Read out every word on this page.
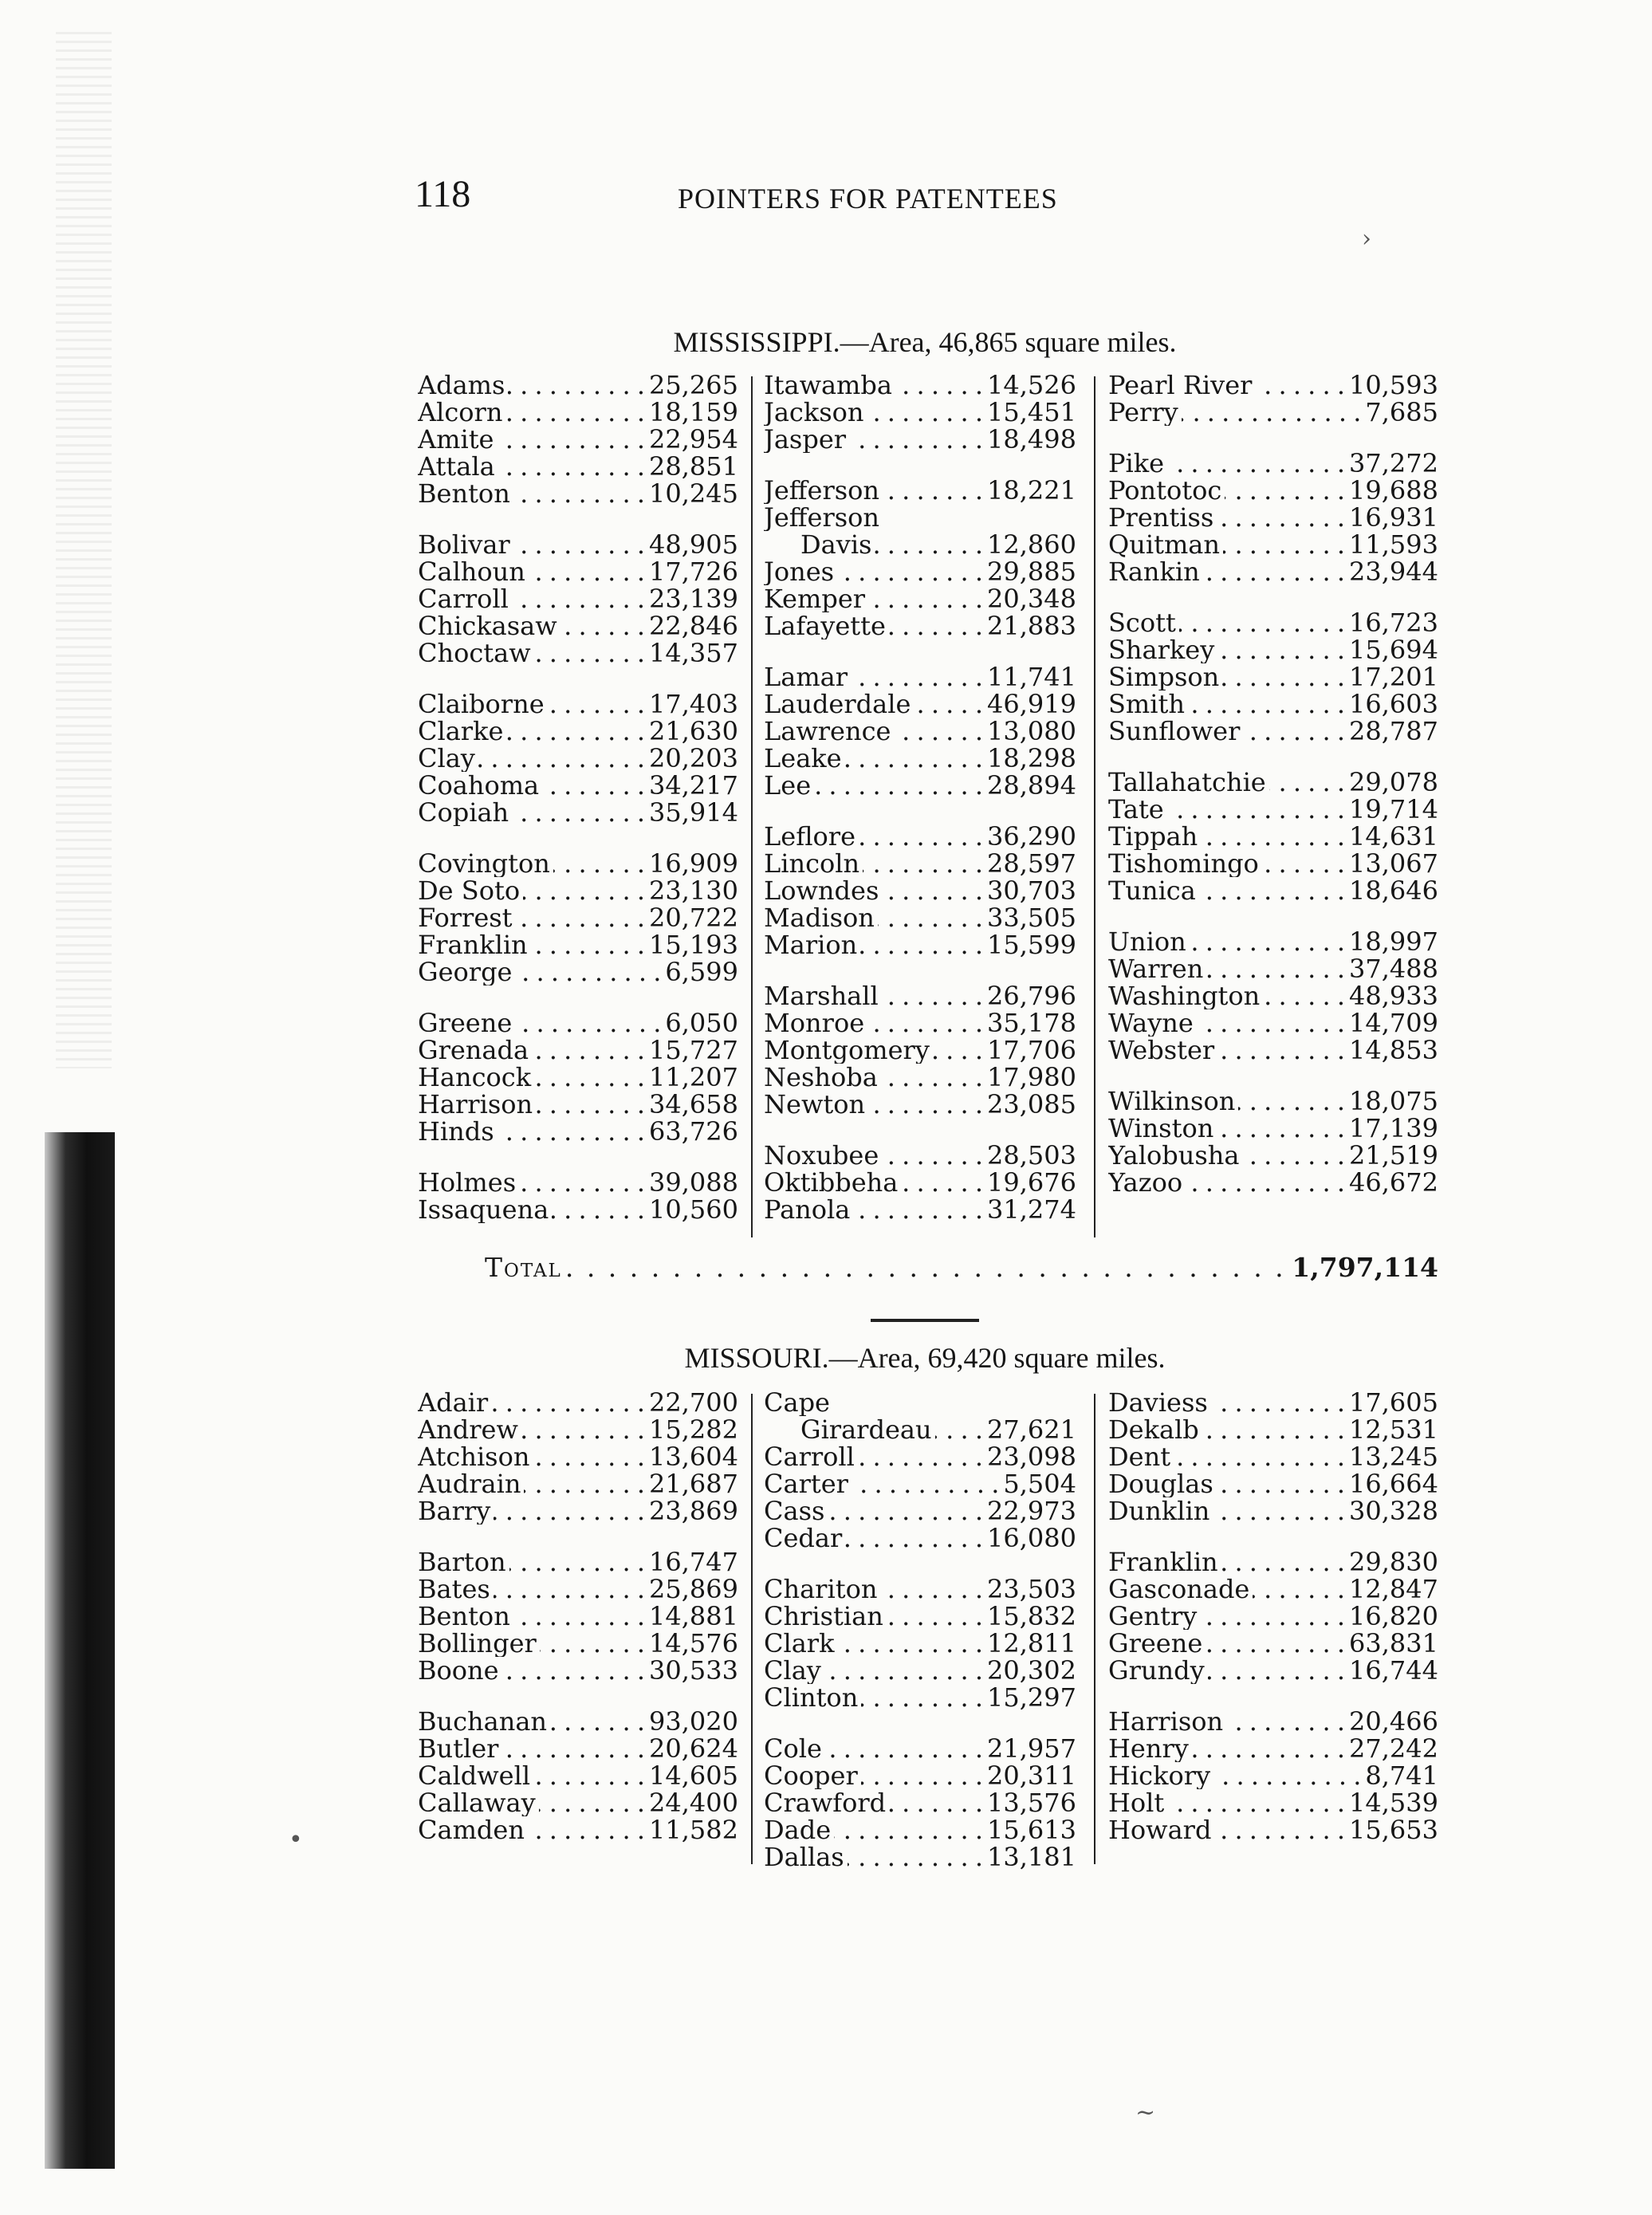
118	POINTERS FOR PATENTEES
MISSISSIPPI.—Area, 46,865 square miles.
Adams . . .	25,265
Alcorn . . .	18,159
Amite . . .	22,954
Attala . . .	28,851
Benton . . .	10,245
Bolivar . . .	48,905
Calhoun . . .	17,726
Carroll . . .	23,139
Chickasaw . . .	22,846
Choctaw . . .	14,357
Claiborne . . .	17,403
Clarke . . .	21,630
Clay . . .	20,203
Coahoma . . .	34,217
Copiah . . .	35,914
Covington . . .	16,909
De Soto . . .	23,130
Forrest . . .	20,722
Franklin . . .	15,193
George . . .	6,599
Greene . . .	6,050
Grenada . . .	15,727
Hancock . . .	11,207
Harrison . . .	34,658
Hinds . . .	63,726
Holmes . . .	39,088
Issaquena . . .	10,560
Itawamba . . .	14,526
Jackson . . .	15,451
Jasper . . .	18,498
Jefferson . . .	18,221
Jefferson
Davis . . .	12,860
Jones . . .	29,885
Kemper . . .	20,348
Lafayette . . .	21,883
Lamar . . .	11,741
Lauderdale . . .	46,919
Lawrence . . .	13,080
Leake . . .	18,298
Lee . . .	28,894
Leflore . . .	36,290
Lincoln . . .	28,597
Lowndes . . .	30,703
Madison . . .	33,505
Marion . . .	15,599
Marshall . . .	26,796
Monroe . . .	35,178
Montgomery . . . 17,706
Neshoba . . .	17,980
Newton . . .	23,085
Noxubee . . .	28,503
Oktibbeha . . .	19,676
Panola . . .	31,274
Pearl River . . .	10,593
Perry . . .	7,685
Pike . . .	37,272
Pontotoc . . .	19,688
Prentiss . . .	16,931
Quitman . . .	11,593
Rankin . . .	23,944
Scott . . .	16,723
Sharkey . . .	15,694
Simpson . . .	17,201
Smith . . .	16,603
Sunflower . . .	28,787
Tallahatchie . . .	29,078
Tate . . .	19,714
Tippah . . .	14,631
Tishomingo . . .	13,067
Tunica . . .	18,646
Union . . .	18,997
Warren . . .	37,488
Washington . . .	48,933
Wayne . . .	14,709
Webster . . .	14,853
Wilkinson . . .	18,075
Winston . . .	17,139
Yalobusha . . .	21,519
Yazoo . . .	46,672
Total . . .	1,797,114
MISSOURI.—Area, 69,420 square miles.
Adair . . .	22,700
Andrew . . .	15,282
Atchison . . .	13,604
Audrain . . .	21,687
Barry . . .	23,869
Barton . . .	16,747
Bates . . .	25,869
Benton . . .	14,881
Bollinger . . .	14,576
Boone . . .	30,533
Buchanan . . .	93,020
Butler . . .	20,624
Caldwell . . .	14,605
Callaway . . .	24,400
Camden . . .	11,582
Cape
Girardeau . . . 27,621
Carroll . . .	23,098
Carter . . .	5,504
Cass . . .	22,973
Cedar . . .	16,080
Chariton . . .	23,503
Christian . . .	15,832
Clark . . .	12,811
Clay . . .	20,302
Clinton . . .	15,297
Cole . . .	21,957
Cooper . . .	20,311
Crawford . . .	13,576
Dade . . .	15,613
Dallas . . .	13,181
Daviess . . .	17,605
Dekalb . . .	12,531
Dent . . .	13,245
Douglas . . .	16,664
Dunklin . . .	30,328
Franklin . . .	29,830
Gasconade . . .	12,847
Gentry . . .	16,820
Greene . . .	63,831
Grundy . . .	16,744
Harrison . . .	20,466
Henry . . .	27,242
Hickory . . .	8,741
Holt . . .	14,539
Howard . . .	15,653
•
›
~
